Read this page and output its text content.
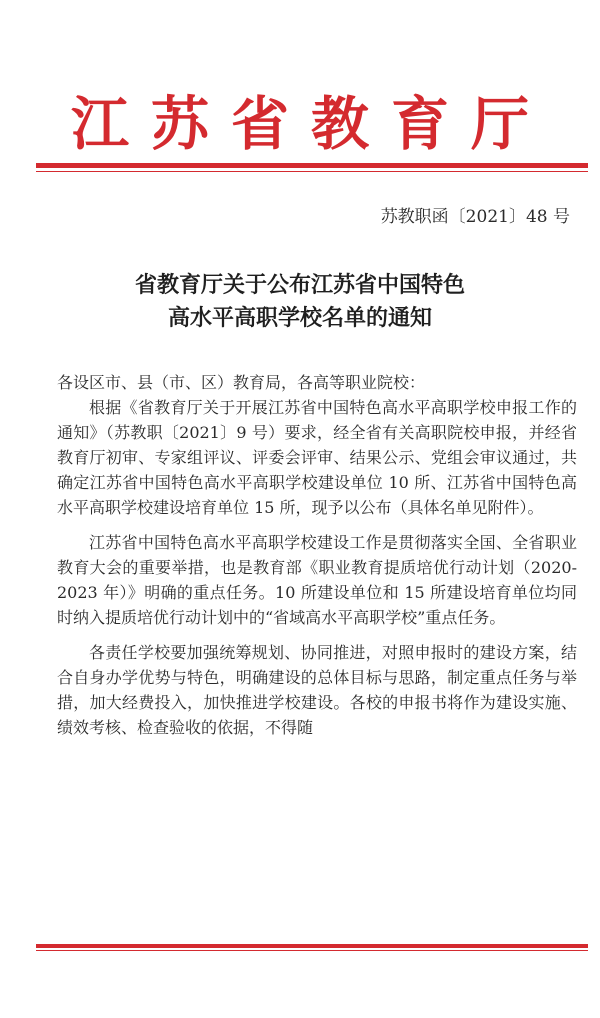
江苏省教育厅
苏教职函〔2021〕48 号
省教育厅关于公布江苏省中国特色
高水平高职学校名单的通知

各设区市、县（市、区）教育局，各高等职业院校：

根据《省教育厅关于开展江苏省中国特色高水平高职学校申报工作的通知》（苏教职〔2021〕9 号）要求，经全省有关高职院校申报，并经省教育厅初审、专家组评议、评委会评审、结果公示、党组会审议通过，共确定江苏省中国特色高水平高职学校建设单位 10 所、江苏省中国特色高水平高职学校建设培育单位 15 所，现予以公布（具体名单见附件）。

江苏省中国特色高水平高职学校建设工作是贯彻落实全国、全省职业教育大会的重要举措，也是教育部《职业教育提质培优行动计划（2020-2023 年）》明确的重点任务。10 所建设单位和 15 所建设培育单位均同时纳入提质培优行动计划中的“省域高水平高职学校”重点任务。

各责任学校要加强统筹规划、协同推进，对照申报时的建设方案，结合自身办学优势与特色，明确建设的总体目标与思路，制定重点任务与举措，加大经费投入，加快推进学校建设。各校的申报书将作为建设实施、绩效考核、检查验收的依据，不得随
